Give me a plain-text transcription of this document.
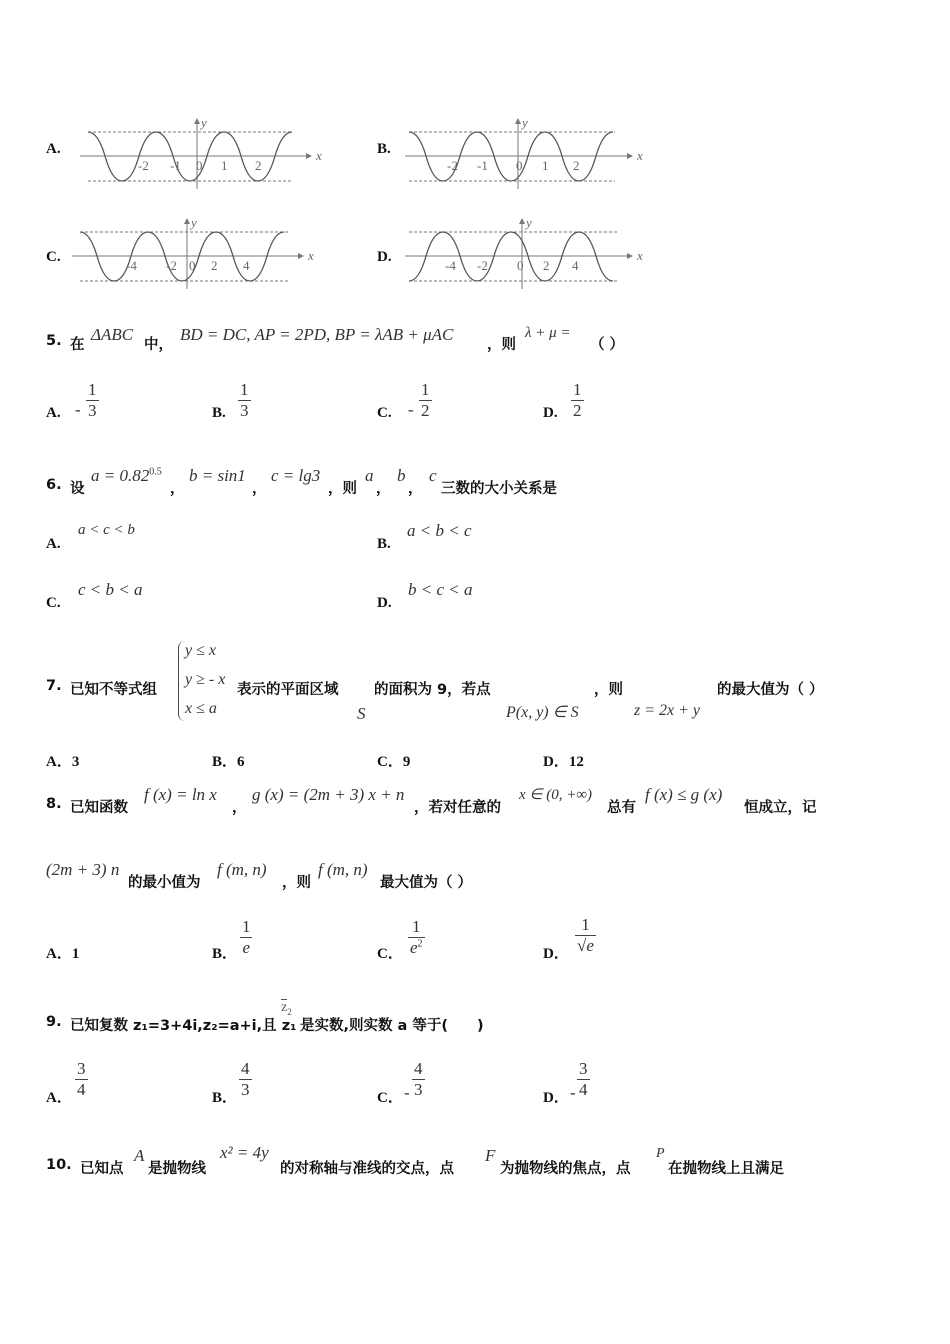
A.	B.
C.	D.
x
y
-2 -1 0 1 2
x
y
-2 -1 0 1 2
x
y
-4 -2 0 2 4
x
y
-4 -2 0 2 4
5. 在
ΔABC
中，
BD = DC, AP = 2PD, BP = λAB + μAC
，则
λ + μ =
（ ）
A. - $\frac{1}{3}$	B. $\frac{1}{3}$	C. - $\frac{1}{2}$	D. $\frac{1}{2}$
6. 设
$a = 0.82^{0.5}$
，
b = sin1
，
c = lg3
，则
a
，
b
，
c
三数的大小关系是
A.
a < c < b
B.
a < b < c
C.
c < b < a
D.
b < c < a
7. 已知不等式组
y ≤ x
y ≥ - x
x ≤ a
表示的平面区域
S
的面积为 9，若点
P(x, y) ∈ S
，则
z = 2x + y
的最大值为（ ）
A．3	B．6	C．9	D．12
8. 已知函数
f (x) = ln x
，
g (x) = (2m + 3) x + n
，若对任意的
x ∈ (0, +∞)
总有
f (x) ≤ g (x)
恒成立，记
(2m + 3) n
的最小值为
f (m, n)
，则
f (m, n)
最大值为（ ）
A．1	B． $\frac{1}{e}$	C． $\frac{1}{e^2}$	D． $\frac{1}{√e}$
9. 已知复数 z₁=3+4i,z₂=a+i,且 z₁
$z_2$
是实数,则实数 a 等于(　　)
A． $\frac{3}{4}$	B． $\frac{4}{3}$	C． - $\frac{4}{3}$	D． - $\frac{3}{4}$
10. 已知点
A
是抛物线
x² = 4y
的对称轴与准线的交点，点
F
为抛物线的焦点，点
P
在抛物线上且满足
